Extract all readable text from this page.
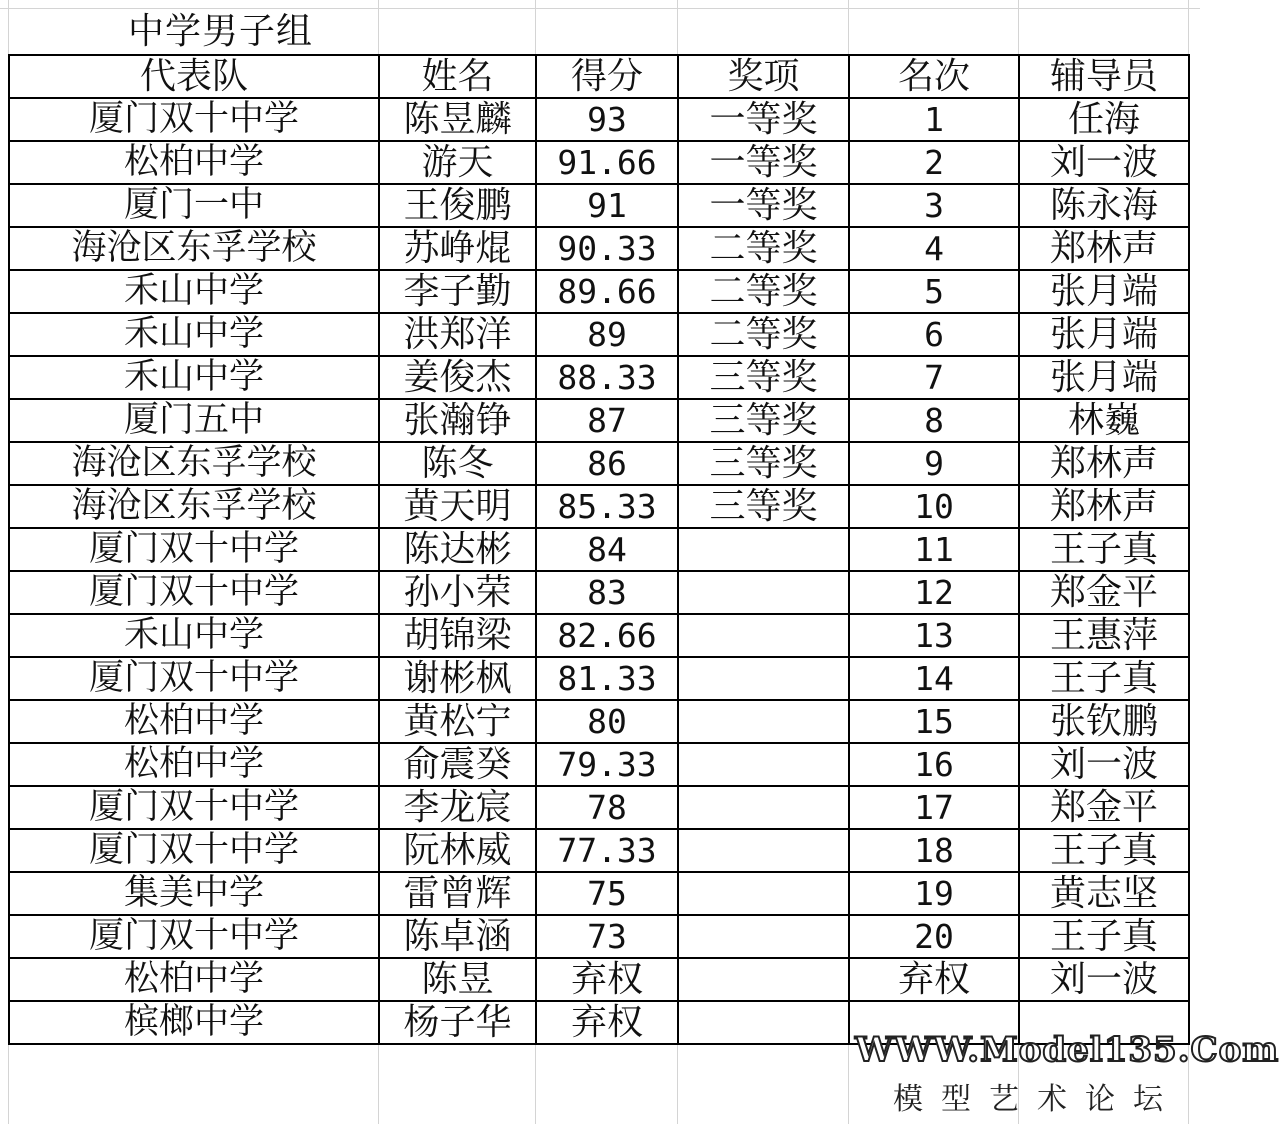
中学男子组
代表队	姓名	得分	奖项	名次	辅导员
厦门双十中学	陈昱麟	93	一等奖	1	任海
松柏中学	游天	91.66	一等奖	2	刘一波
厦门一中	王俊鹏	91	一等奖	3	陈永海
海沧区东孚学校	苏峥焜	90.33	二等奖	4	郑林声
禾山中学	李子勤	89.66	二等奖	5	张月端
禾山中学	洪郑洋	89	二等奖	6	张月端
禾山中学	姜俊杰	88.33	三等奖	7	张月端
厦门五中	张瀚铮	87	三等奖	8	林巍
海沧区东孚学校	陈冬	86	三等奖	9	郑林声
海沧区东孚学校	黄天明	85.33	三等奖	10	郑林声
厦门双十中学	陈达彬	84		11	王子真
厦门双十中学	孙小荣	83		12	郑金平
禾山中学	胡锦梁	82.66		13	王惠萍
厦门双十中学	谢彬枫	81.33		14	王子真
松柏中学	黄松宁	80		15	张钦鹏
松柏中学	俞震癸	79.33		16	刘一波
厦门双十中学	李龙宸	78		17	郑金平
厦门双十中学	阮林威	77.33		18	王子真
集美中学	雷曾辉	75		19	黄志坚
厦门双十中学	陈卓涵	73		20	王子真
松柏中学	陈昱	弃权		弃权	刘一波
槟榔中学	杨子华	弃权			
WWW.Model135.Com
模型艺术论坛
